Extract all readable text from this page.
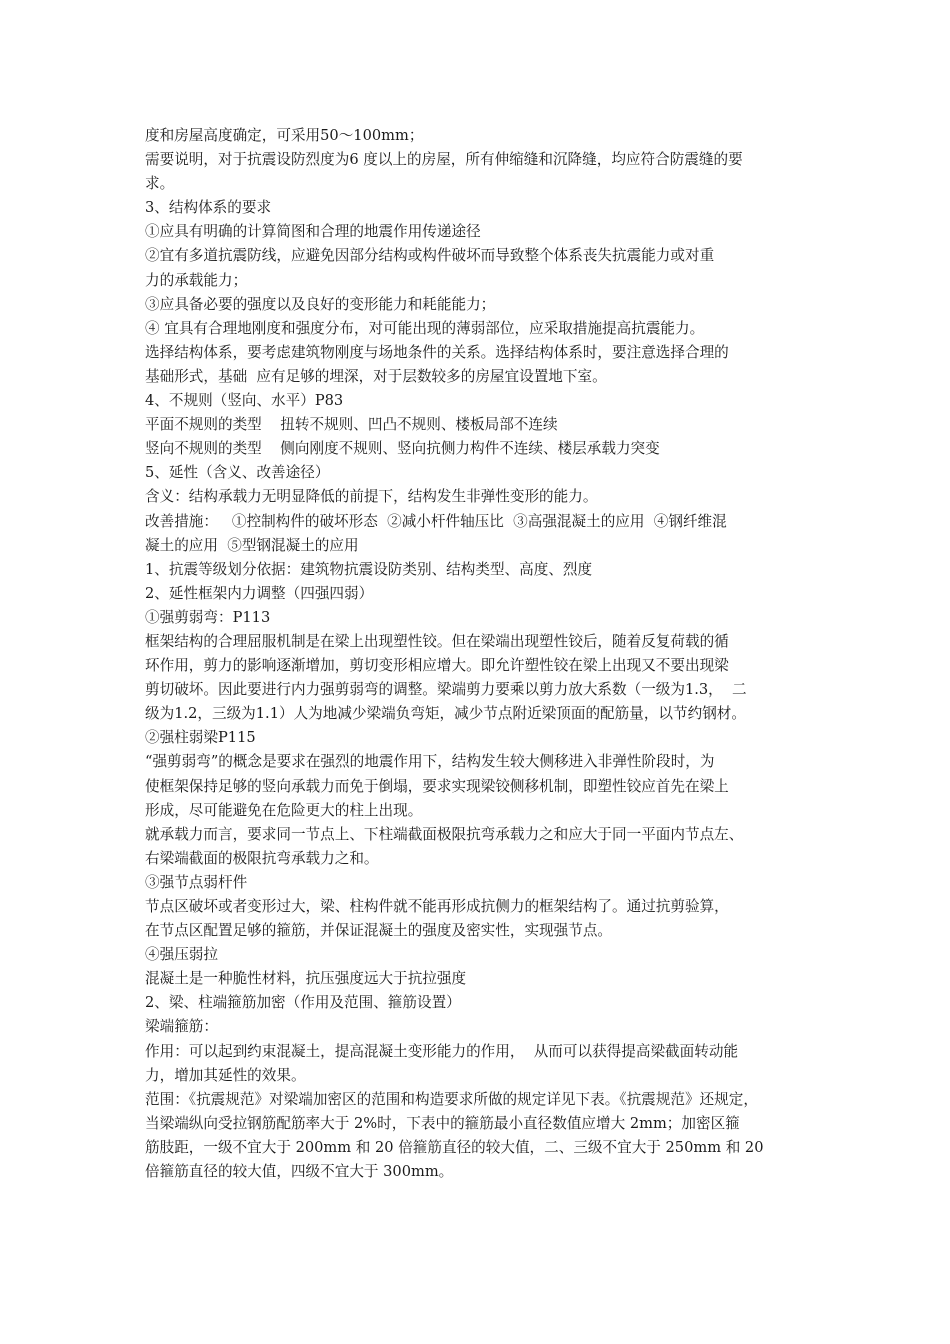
度和房屋高度确定，可采用50～100mm；

需要说明，对于抗震设防烈度为6 度以上的房屋，所有伸缩缝和沉降缝，均应符合防震缝的要

求。

3、结构体系的要求

①应具有明确的计算简图和合理的地震作用传递途径

②宜有多道抗震防线，应避免因部分结构或构件破坏而导致整个体系丧失抗震能力或对重

力的承载能力；

③应具备必要的强度以及良好的变形能力和耗能能力；

④ 宜具有合理地刚度和强度分布，对可能出现的薄弱部位，应采取措施提高抗震能力。

选择结构体系，要考虑建筑物刚度与场地条件的关系。选择结构体系时，要注意选择合理的

基础形式，基础  应有足够的埋深，对于层数较多的房屋宜设置地下室。

4、不规则（竖向、水平）P83

平面不规则的类型    扭转不规则、凹凸不规则、楼板局部不连续

竖向不规则的类型    侧向刚度不规则、竖向抗侧力构件不连续、楼层承载力突变

5、延性（含义、改善途径）

含义：结构承载力无明显降低的前提下，结构发生非弹性变形的能力。

改善措施：   ①控制构件的破坏形态  ②减小杆件轴压比  ③高强混凝土的应用  ④钢纤维混

凝土的应用  ⑤型钢混凝土的应用

1、抗震等级划分依据：建筑物抗震设防类别、结构类型、高度、烈度

2、延性框架内力调整（四强四弱）

①强剪弱弯：P113

框架结构的合理屈服机制是在梁上出现塑性铰。但在梁端出现塑性铰后，随着反复荷载的循

环作用，剪力的影响逐渐增加，剪切变形相应增大。即允许塑性铰在梁上出现又不要出现梁

剪切破坏。因此要进行内力强剪弱弯的调整。梁端剪力要乘以剪力放大系数（一级为1.3，  二

级为1.2，三级为1.1）人为地减少梁端负弯矩，减少节点附近梁顶面的配筋量，以节约钢材。

②强柱弱梁P115

“强剪弱弯”的概念是要求在强烈的地震作用下，结构发生较大侧移进入非弹性阶段时，为

使框架保持足够的竖向承载力而免于倒塌，要求实现梁铰侧移机制，即塑性铰应首先在梁上

形成，尽可能避免在危险更大的柱上出现。

就承载力而言，要求同一节点上、下柱端截面极限抗弯承载力之和应大于同一平面内节点左、

右梁端截面的极限抗弯承载力之和。

③强节点弱杆件

节点区破坏或者变形过大，梁、柱构件就不能再形成抗侧力的框架结构了。通过抗剪验算，

在节点区配置足够的箍筋，并保证混凝土的强度及密实性，实现强节点。

④强压弱拉

混凝土是一种脆性材料，抗压强度远大于抗拉强度

2、梁、柱端箍筋加密（作用及范围、箍筋设置）

梁端箍筋：

作用：可以起到约束混凝土，提高混凝土变形能力的作用，  从而可以获得提高梁截面转动能

力，增加其延性的效果。

范围：《抗震规范》对梁端加密区的范围和构造要求所做的规定详见下表。《抗震规范》还规定，

当梁端纵向受拉钢筋配筋率大于 2%时，下表中的箍筋最小直径数值应增大 2mm；加密区箍

筋肢距，一级不宜大于 200mm 和 20 倍箍筋直径的较大值，二、三级不宜大于 250mm 和 20

倍箍筋直径的较大值，四级不宜大于 300mm。
